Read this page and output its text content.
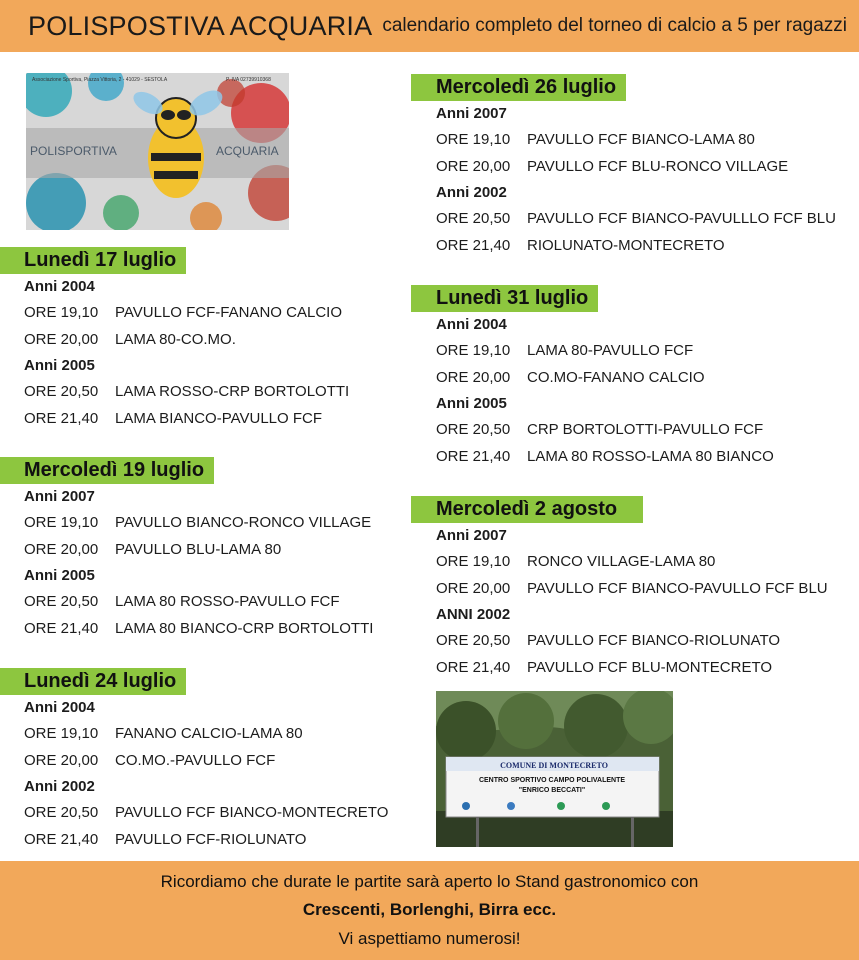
POLISPOSTIVA ACQUARIA calendario completo del torneo di calcio a 5 per ragazzi
Associazione Sportiva, Piazza Vittoria, 2 - 41029 - SESTOLA	P. IVA 02739910368
POLISPORTIVA	ACQUARIA
Lunedì 17 luglio
Anni 2004
ORE 19,10 PAVULLO FCF-FANANO CALCIO
ORE 20,00 LAMA 80-CO.MO.
Anni 2005
ORE 20,50 LAMA ROSSO-CRP BORTOLOTTI
ORE 21,40 LAMA BIANCO-PAVULLO FCF
Mercoledì 19 luglio
Anni 2007
ORE 19,10 PAVULLO BIANCO-RONCO VILLAGE
ORE 20,00 PAVULLO BLU-LAMA 80
Anni 2005
ORE 20,50 LAMA 80 ROSSO-PAVULLO FCF
ORE 21,40 LAMA 80 BIANCO-CRP BORTOLOTTI
Lunedì 24 luglio
Anni 2004
ORE 19,10 FANANO CALCIO-LAMA 80
ORE 20,00 CO.MO.-PAVULLO FCF
Anni 2002
ORE 20,50 PAVULLO FCF BIANCO-MONTECRETO
ORE 21,40 PAVULLO FCF-RIOLUNATO
Mercoledì 26 luglio
Anni 2007
ORE 19,10 PAVULLO FCF BIANCO-LAMA 80
ORE 20,00 PAVULLO FCF BLU-RONCO VILLAGE
Anni 2002
ORE 20,50 PAVULLO FCF BIANCO-PAVULLLO FCF BLU
ORE 21,40 RIOLUNATO-MONTECRETO
Lunedì 31 luglio
Anni 2004
ORE 19,10 LAMA 80-PAVULLO FCF
ORE 20,00 CO.MO-FANANO CALCIO
Anni 2005
ORE 20,50 CRP BORTOLOTTI-PAVULLO FCF
ORE 21,40 LAMA 80 ROSSO-LAMA 80 BIANCO
Mercoledì 2 agosto
Anni 2007
ORE 19,10 RONCO VILLAGE-LAMA 80
ORE 20,00 PAVULLO FCF BIANCO-PAVULLO FCF BLU
ANNI 2002
ORE 20,50 PAVULLO FCF BIANCO-RIOLUNATO
ORE 21,40 PAVULLO FCF BLU-MONTECRETO
COMUNE DI MONTECRETO
CENTRO SPORTIVO CAMPO POLIVALENTE
"ENRICO BECCATI"
Ricordiamo che durate le partite sarà aperto lo Stand gastronomico con
Crescenti, Borlenghi, Birra ecc.
Vi aspettiamo numerosi!
